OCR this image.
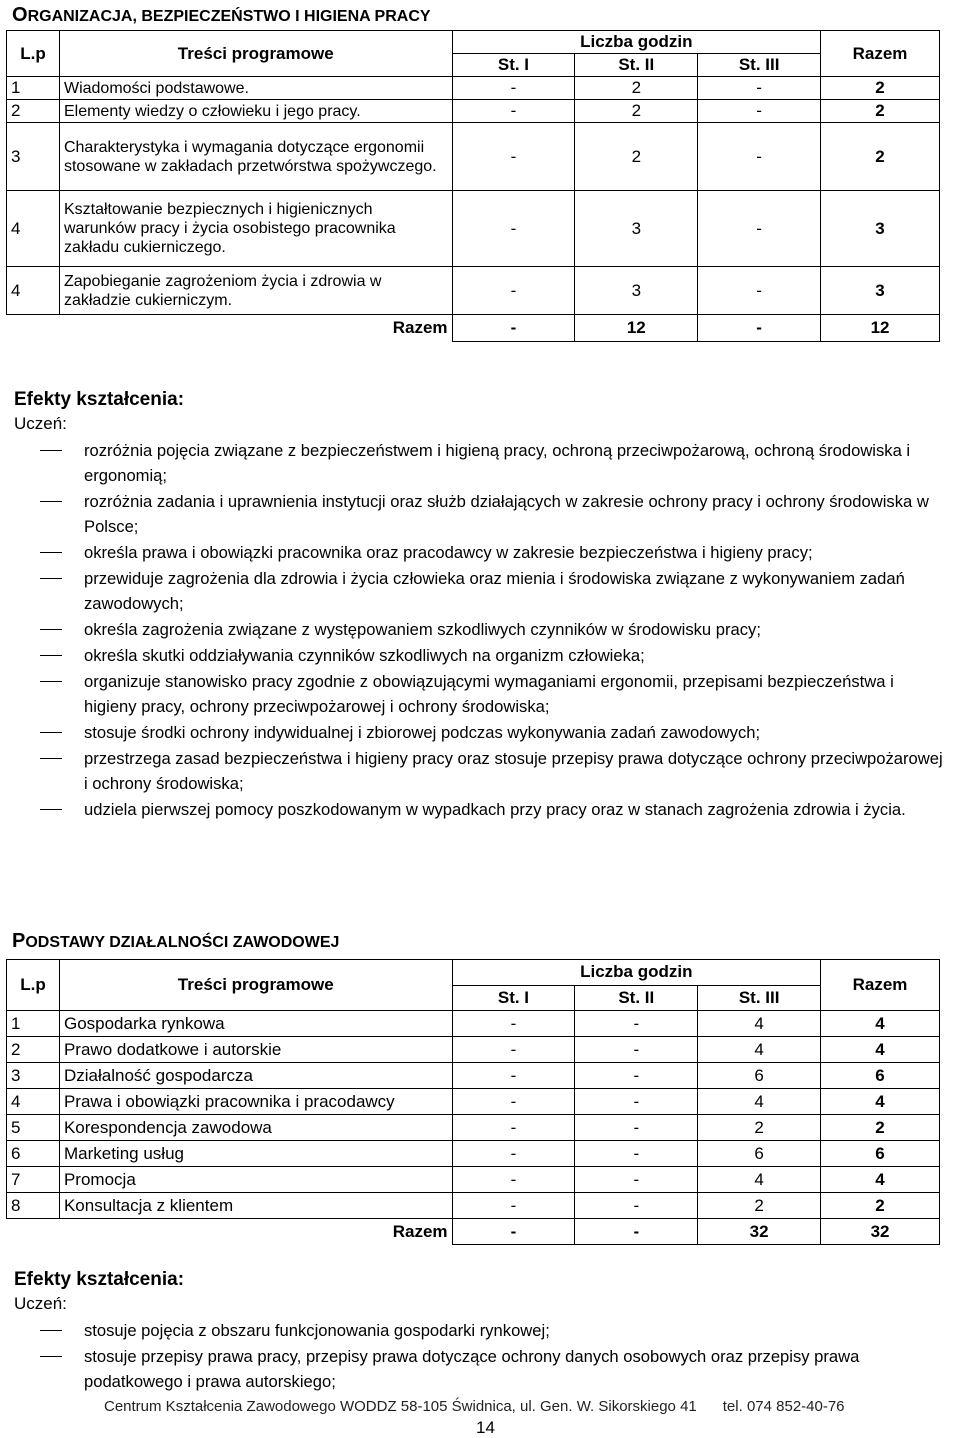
ORGANIZACJA, BEZPIECZEŃSTWO I HIGIENA PRACY
L.p	Treści programowe	Liczba godzin			Razem
		St. I	St. II	St. III	
1	Wiadomości podstawowe.	-	2	-	2
2	Elementy wiedzy o człowieku i jego pracy.	-	2	-	2
3	Charakterystyka i wymagania dotyczące ergonomii stosowane w zakładach przetwórstwa spożywczego.	-	2	-	2
4	Kształtowanie bezpiecznych i higienicznych warunków pracy i życia osobistego pracownika zakładu cukierniczego.	-	3	-	3
4	Zapobieganie zagrożeniom życia i zdrowia w zakładzie cukierniczym.	-	3	-	3
	Razem	-	12	-	12
Efekty kształcenia:
Uczeń:
rozróżnia pojęcia związane z bezpieczeństwem i higieną pracy, ochroną przeciwpożarową, ochroną środowiska i ergonomią;
rozróżnia zadania i uprawnienia instytucji oraz służb działających w zakresie ochrony pracy i ochrony środowiska w Polsce;
określa prawa i obowiązki pracownika oraz pracodawcy w zakresie bezpieczeństwa i higieny pracy;
przewiduje zagrożenia dla zdrowia i życia człowieka oraz mienia i środowiska związane z wykonywaniem zadań zawodowych;
określa zagrożenia związane z występowaniem szkodliwych czynników w środowisku pracy;
określa skutki oddziaływania czynników szkodliwych na organizm człowieka;
organizuje stanowisko pracy zgodnie z obowiązującymi wymaganiami ergonomii, przepisami bezpieczeństwa i higieny pracy, ochrony przeciwpożarowej i ochrony środowiska;
stosuje środki ochrony indywidualnej i zbiorowej podczas wykonywania zadań zawodowych;
przestrzega zasad bezpieczeństwa i higieny pracy oraz stosuje przepisy prawa dotyczące ochrony przeciwpożarowej i ochrony środowiska;
udziela pierwszej pomocy poszkodowanym w wypadkach przy pracy oraz w stanach zagrożenia zdrowia i życia.
PODSTAWY DZIAŁALNOŚCI ZAWODOWEJ
L.p	Treści programowe	Liczba godzin			Razem
		St. I	St. II	St. III	
1	Gospodarka rynkowa	-	-	4	4
2	Prawo dodatkowe i autorskie	-	-	4	4
3	Działalność gospodarcza	-	-	6	6
4	Prawa i obowiązki pracownika i pracodawcy	-	-	4	4
5	Korespondencja zawodowa	-	-	2	2
6	Marketing usług	-	-	6	6
7	Promocja	-	-	4	4
8	Konsultacja z klientem	-	-	2	2
	Razem	-	-	32	32
Efekty kształcenia:
Uczeń:
stosuje pojęcia z obszaru funkcjonowania gospodarki rynkowej;
stosuje przepisy prawa pracy, przepisy prawa dotyczące ochrony danych osobowych oraz przepisy prawa podatkowego i prawa autorskiego;
Centrum Kształcenia Zawodowego WODDZ 58-105 Świdnica, ul. Gen. W. Sikorskiego 41 tel. 074 852-40-76
14
